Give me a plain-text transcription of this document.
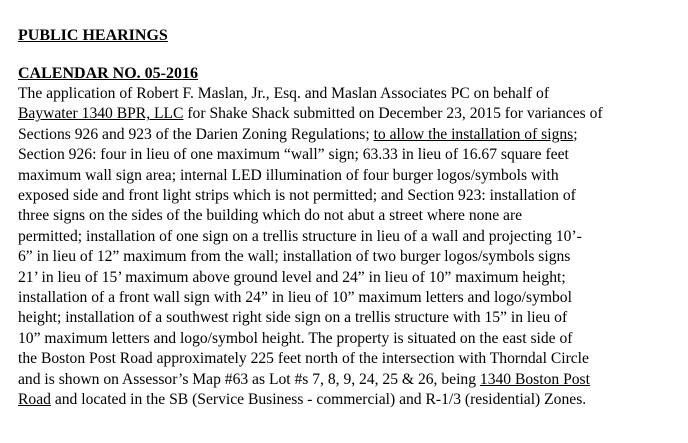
PUBLIC HEARINGS

CALENDAR NO. 05-2016

The application of Robert F. Maslan, Jr., Esq. and Maslan Associates PC on behalf of
Baywater 1340 BPR, LLC for Shake Shack submitted on December 23, 2015 for variances of
Sections 926 and 923 of the Darien Zoning Regulations; to allow the installation of signs;
Section 926: four in lieu of one maximum “wall” sign; 63.33 in lieu of 16.67 square feet
maximum wall sign area; internal LED illumination of four burger logos/symbols with
exposed side and front light strips which is not permitted; and Section 923: installation of
three signs on the sides of the building which do not abut a street where none are
permitted; installation of one sign on a trellis structure in lieu of a wall and projecting 10’-
6” in lieu of 12” maximum from the wall; installation of two burger logos/symbols signs
21’ in lieu of 15’ maximum above ground level and 24” in lieu of 10” maximum height;
installation of a front wall sign with 24” in lieu of 10” maximum letters and logo/symbol
height; installation of a southwest right side sign on a trellis structure with 15” in lieu of
10” maximum letters and logo/symbol height. The property is situated on the east side of
the Boston Post Road approximately 225 feet north of the intersection with Thorndal Circle
and is shown on Assessor’s Map #63 as Lot #s 7, 8, 9, 24, 25 & 26, being 1340 Boston Post
Road and located in the SB (Service Business - commercial) and R-1/3 (residential) Zones.
